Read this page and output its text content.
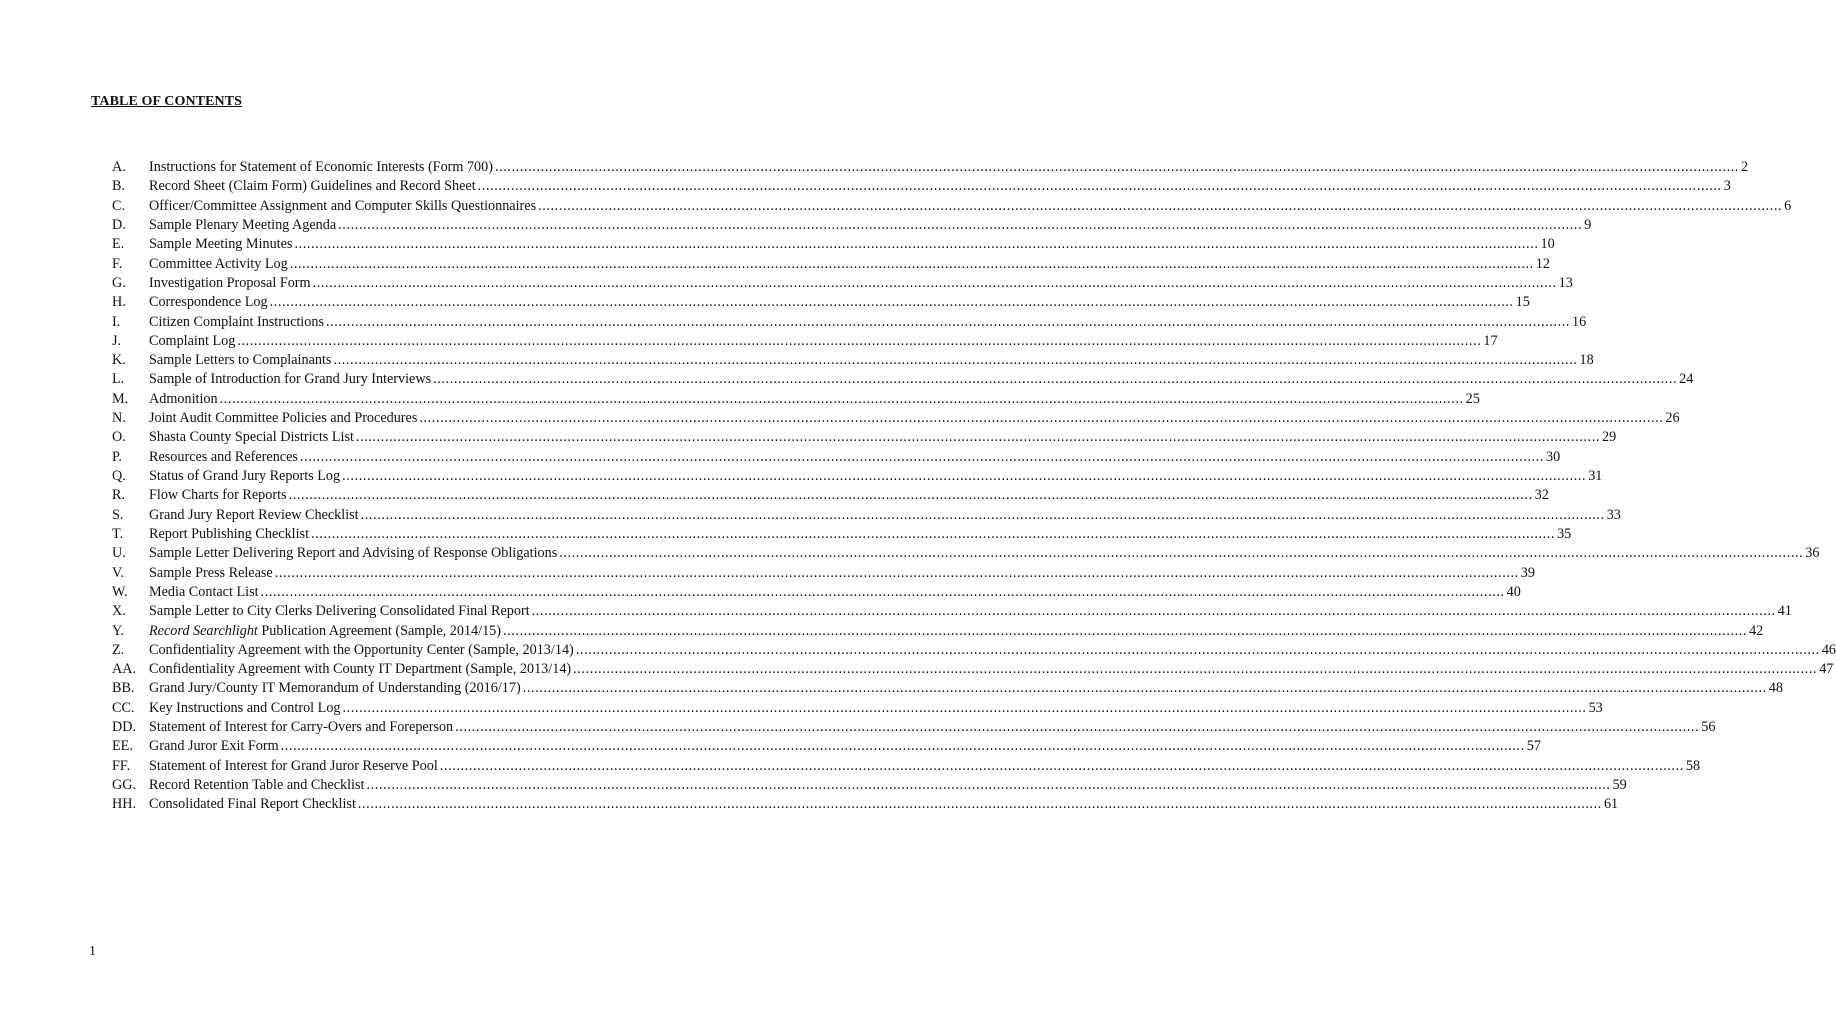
TABLE OF CONTENTS
A.	Instructions for Statement of Economic Interests (Form 700) ............................................................................................................................................................................................................................................................................................................ 2
B.	Record Sheet (Claim Form) Guidelines and Record Sheet ............................................................................................................................................................................................................................................................................................................ 3
C.	Officer/Committee Assignment and Computer Skills Questionnaires ............................................................................................................................................................................................................................................................................................................ 6
D.	Sample Plenary Meeting Agenda ............................................................................................................................................................................................................................................................................................................ 9
E.	Sample Meeting Minutes ............................................................................................................................................................................................................................................................................................................ 10
F.	Committee Activity Log ............................................................................................................................................................................................................................................................................................................ 12
G.	Investigation Proposal Form ............................................................................................................................................................................................................................................................................................................ 13
H.	Correspondence Log ............................................................................................................................................................................................................................................................................................................ 15
I.	Citizen Complaint Instructions ............................................................................................................................................................................................................................................................................................................ 16
J.	Complaint Log ............................................................................................................................................................................................................................................................................................................ 17
K.	Sample Letters to Complainants ............................................................................................................................................................................................................................................................................................................ 18
L.	Sample of Introduction for Grand Jury Interviews ............................................................................................................................................................................................................................................................................................................ 24
M.	Admonition ............................................................................................................................................................................................................................................................................................................ 25
N.	Joint Audit Committee Policies and Procedures ............................................................................................................................................................................................................................................................................................................ 26
O.	Shasta County Special Districts List ............................................................................................................................................................................................................................................................................................................ 29
P.	Resources and References ............................................................................................................................................................................................................................................................................................................ 30
Q.	Status of Grand Jury Reports Log ............................................................................................................................................................................................................................................................................................................ 31
R.	Flow Charts for Reports ............................................................................................................................................................................................................................................................................................................ 32
S.	Grand Jury Report Review Checklist ............................................................................................................................................................................................................................................................................................................ 33
T.	Report Publishing Checklist ............................................................................................................................................................................................................................................................................................................ 35
U.	Sample Letter Delivering Report and Advising of Response Obligations ............................................................................................................................................................................................................................................................................................................ 36
V.	Sample Press Release ............................................................................................................................................................................................................................................................................................................ 39
W.	Media Contact List ............................................................................................................................................................................................................................................................................................................ 40
X.	Sample Letter to City Clerks Delivering Consolidated Final Report ............................................................................................................................................................................................................................................................................................................ 41
Y.	Record Searchlight Publication Agreement (Sample, 2014/15) ............................................................................................................................................................................................................................................................................................................ 42
Z.	Confidentiality Agreement with the Opportunity Center (Sample, 2013/14) ............................................................................................................................................................................................................................................................................................................ 46
AA. Confidentiality Agreement with County IT Department (Sample, 2013/14) ............................................................................................................................................................................................................................................................................................................ 47
BB.	Grand Jury/County IT Memorandum of Understanding (2016/17) ............................................................................................................................................................................................................................................................................................................ 48
CC.	Key Instructions and Control Log ............................................................................................................................................................................................................................................................................................................ 53
DD. Statement of Interest for Carry-Overs and Foreperson ............................................................................................................................................................................................................................................................................................................ 56
EE.	Grand Juror Exit Form ............................................................................................................................................................................................................................................................................................................ 57
FF.	Statement of Interest for Grand Juror Reserve Pool ............................................................................................................................................................................................................................................................................................................ 58
GG. Record Retention Table and Checklist ............................................................................................................................................................................................................................................................................................................ 59
HH. Consolidated Final Report Checklist ............................................................................................................................................................................................................................................................................................................ 61
1
